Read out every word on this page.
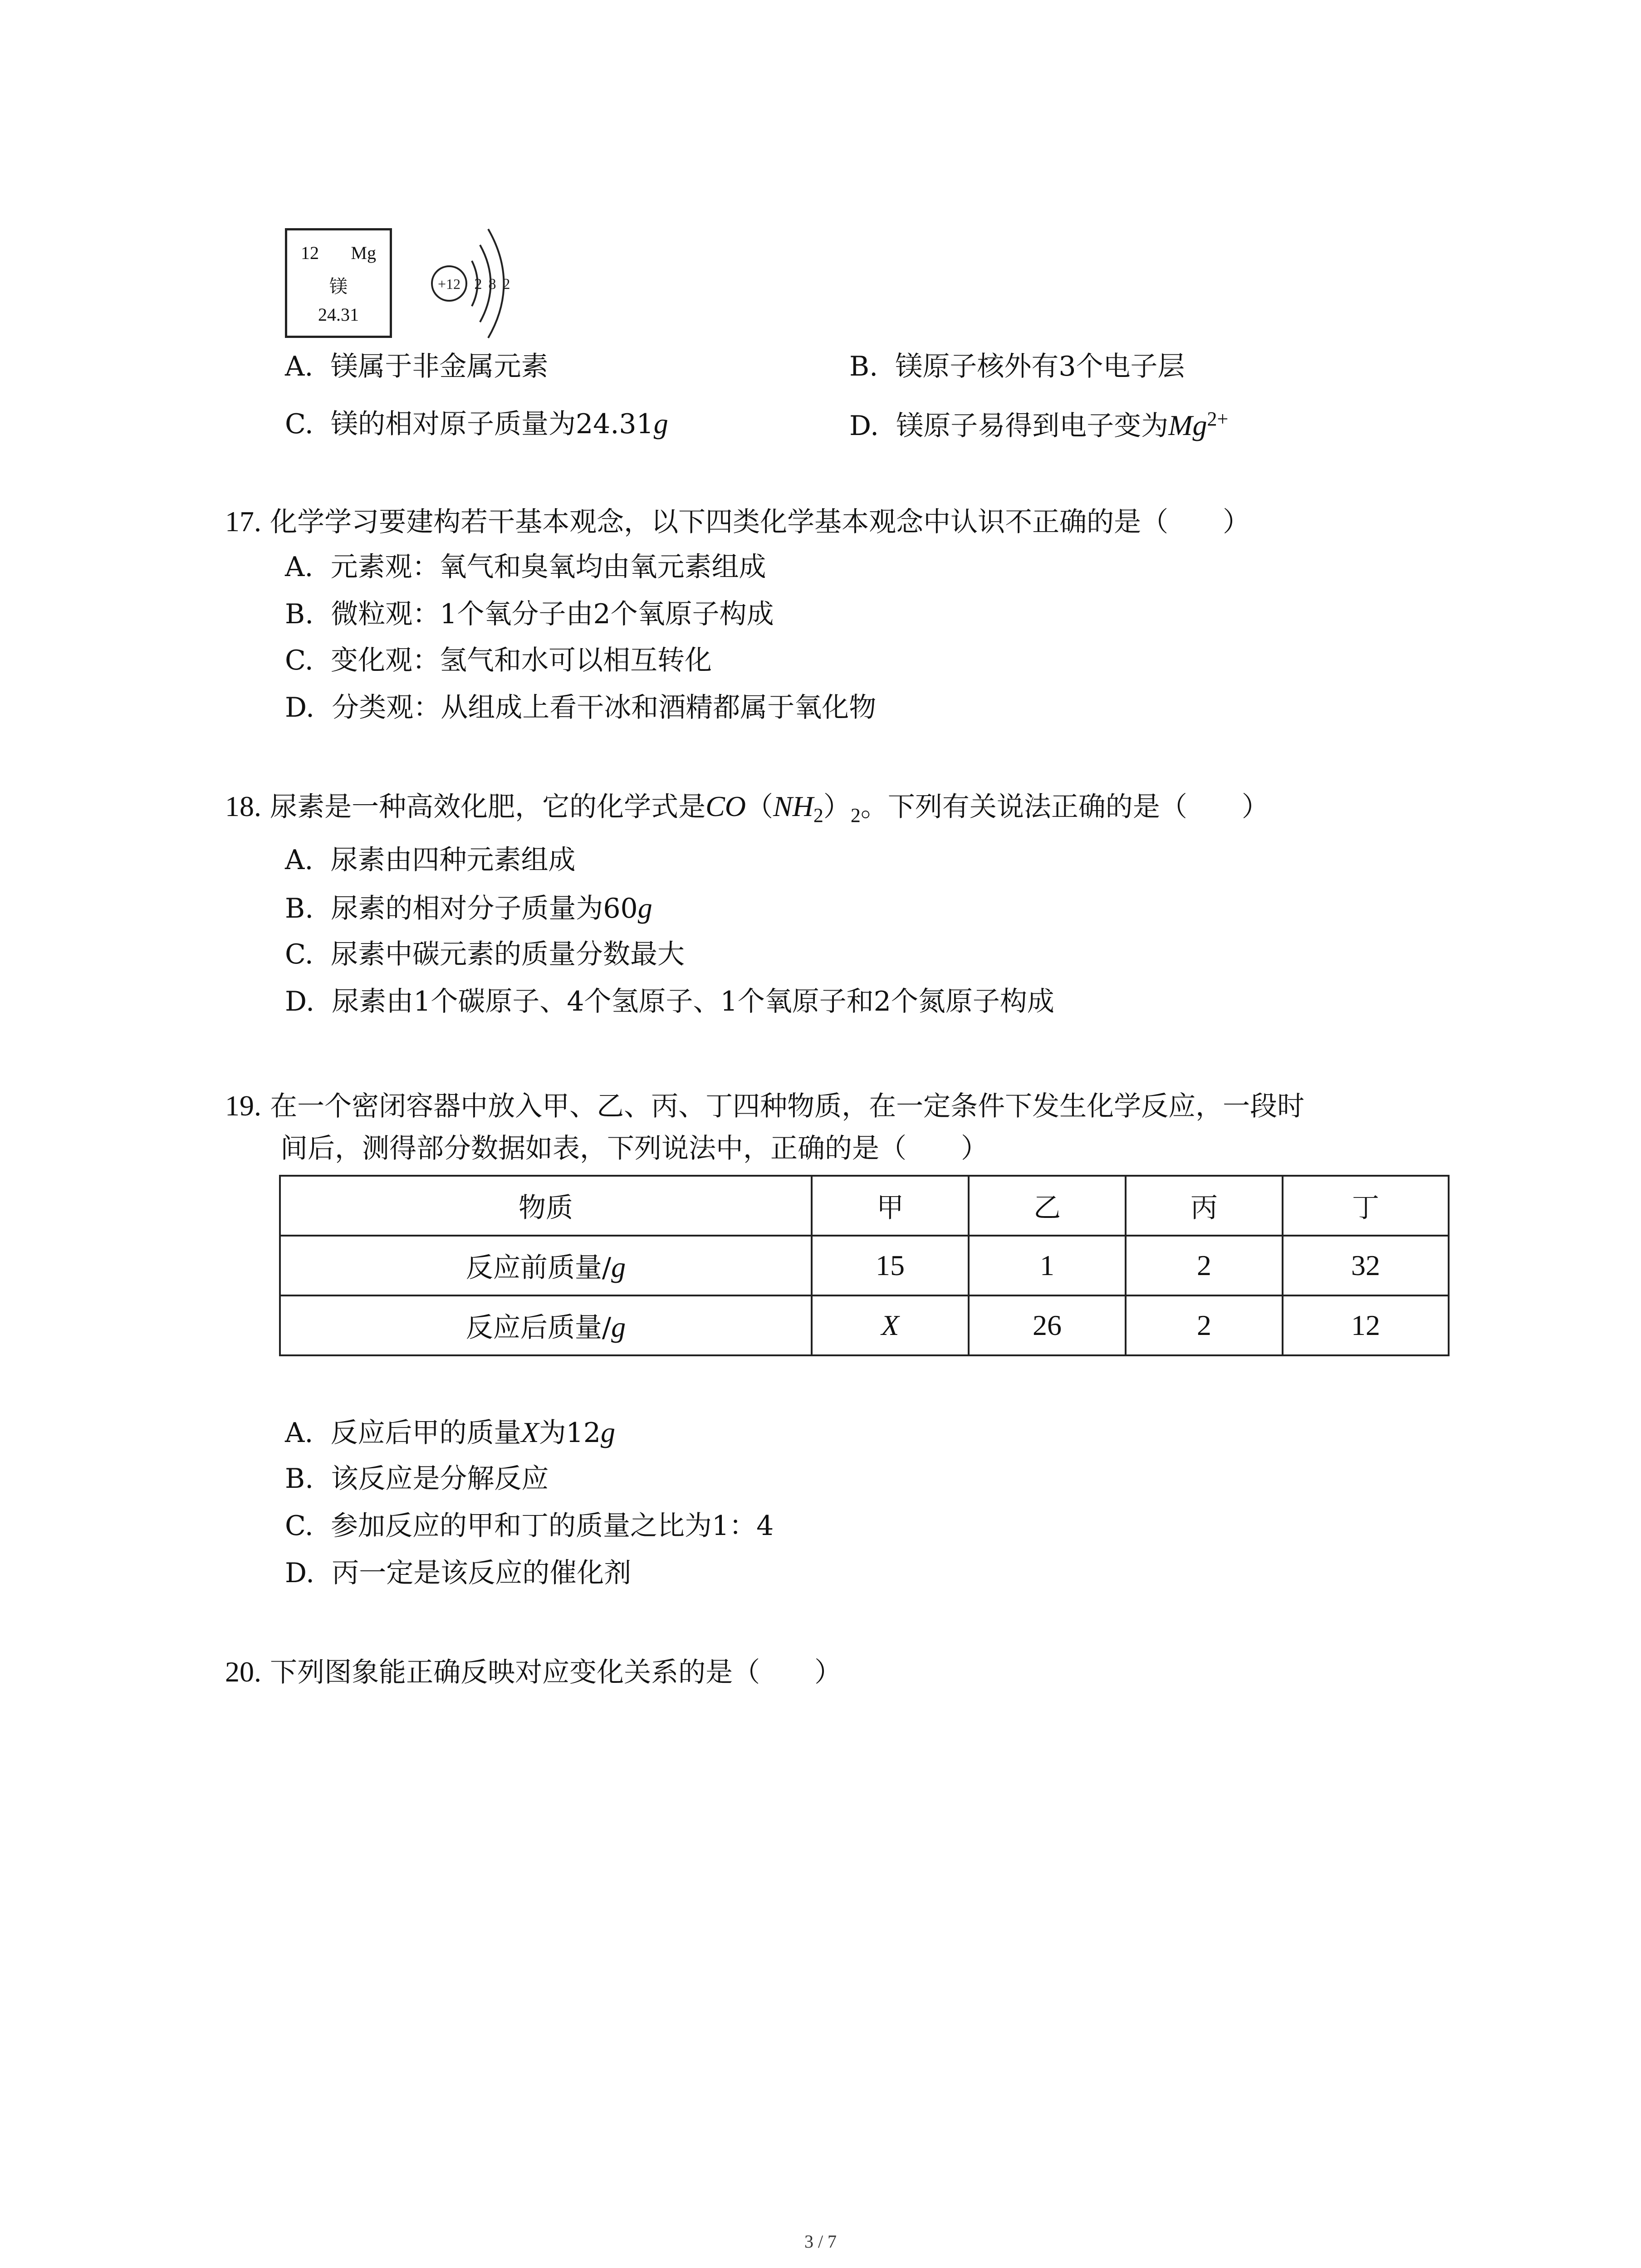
12 Mg
镁
24.31
+12 2 8 2
A. 镁属于非金属元素	B. 镁原子核外有3个电子层
C. 镁的相对原子质量为24.31g	D. 镁原子易得到电子变为$Mg^{2+}$
17. 化学学习要建构若干基本观念，以下四类化学基本观念中认识不正确的是（　　）
A. 元素观：氧气和臭氧均由氧元素组成
B. 微粒观：1个氧分子由2个氧原子构成
C. 变化观：氢气和水可以相互转化
D. 分类观：从组成上看干冰和酒精都属于氧化物
18. 尿素是一种高效化肥，它的化学式是$CO(NH_2)_2$。下列有关说法正确的是（　　）
A. 尿素由四种元素组成
B. 尿素的相对分子质量为60g
C. 尿素中碳元素的质量分数最大
D. 尿素由1个碳原子、4个氢原子、1个氧原子和2个氮原子构成
19. 在一个密闭容器中放入甲、乙、丙、丁四种物质，在一定条件下发生化学反应，一段时
间后，测得部分数据如表，下列说法中，正确的是（　　）
物质	甲	乙	丙	丁
反应前质量/g	15	1	2	32
反应后质量/g	X	26	2	12
A. 反应后甲的质量X为12g
B. 该反应是分解反应
C. 参加反应的甲和丁的质量之比为1：4
D. 丙一定是该反应的催化剂
20. 下列图象能正确反映对应变化关系的是（　　）
3 / 7
